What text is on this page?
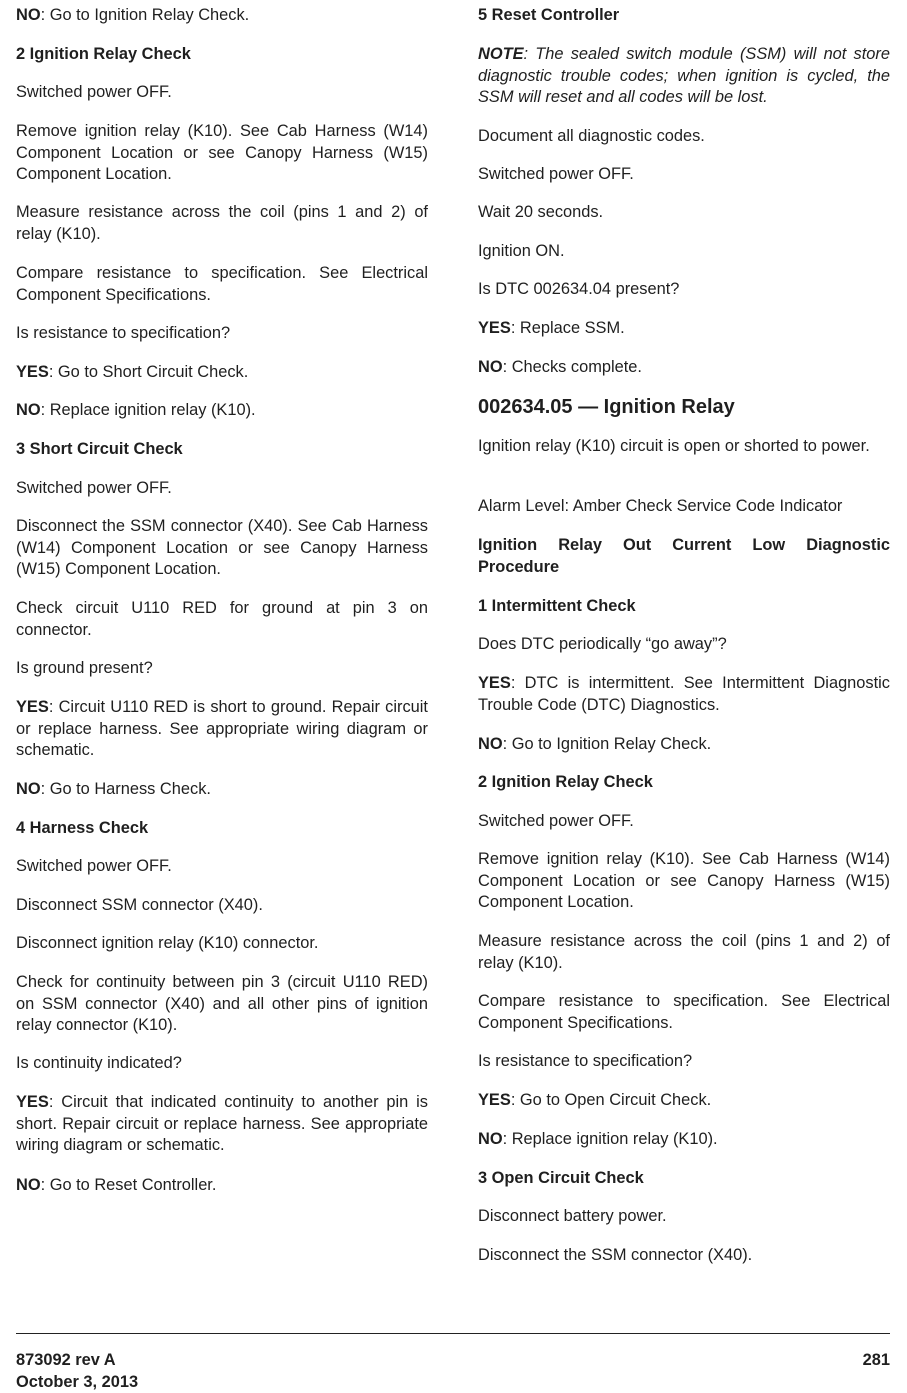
NO: Go to Ignition Relay Check.

2 Ignition Relay Check

Switched power OFF.

Remove ignition relay (K10). See Cab Harness (W14) Component Location or see Canopy Harness (W15) Component Location.

Measure resistance across the coil (pins 1 and 2) of relay (K10).

Compare resistance to specification. See Electrical Component Specifications.

Is resistance to specification?

YES: Go to Short Circuit Check.

NO: Replace ignition relay (K10).

3 Short Circuit Check

Switched power OFF.

Disconnect the SSM connector (X40). See Cab Harness (W14) Component Location or see Canopy Harness (W15) Component Location.

Check circuit U110 RED for ground at pin 3 on connector.

Is ground present?

YES: Circuit U110 RED is short to ground. Repair circuit or replace harness. See appropriate wiring diagram or schematic.

NO: Go to Harness Check.

4 Harness Check

Switched power OFF.

Disconnect SSM connector (X40).

Disconnect ignition relay (K10) connector.

Check for continuity between pin 3 (circuit U110 RED) on SSM connector (X40) and all other pins of ignition relay connector (K10).

Is continuity indicated?

YES: Circuit that indicated continuity to another pin is short. Repair circuit or replace harness. See appropriate wiring diagram or schematic.

NO: Go to Reset Controller.

5 Reset Controller

NOTE: The sealed switch module (SSM) will not store diagnostic trouble codes; when ignition is cycled, the SSM will reset and all codes will be lost.

Document all diagnostic codes.

Switched power OFF.

Wait 20 seconds.

Ignition ON.

Is DTC 002634.04 present?

YES: Replace SSM.

NO: Checks complete.

002634.05 — Ignition Relay

Ignition relay (K10) circuit is open or shorted to power.

Alarm Level: Amber Check Service Code Indicator

Ignition Relay Out Current Low Diagnostic Procedure

1 Intermittent Check

Does DTC periodically “go away”?

YES: DTC is intermittent. See Intermittent Diagnostic Trouble Code (DTC) Diagnostics.

NO: Go to Ignition Relay Check.

2 Ignition Relay Check

Switched power OFF.

Remove ignition relay (K10). See Cab Harness (W14) Component Location or see Canopy Harness (W15) Component Location.

Measure resistance across the coil (pins 1 and 2) of relay (K10).

Compare resistance to specification. See Electrical Component Specifications.

Is resistance to specification?

YES: Go to Open Circuit Check.

NO: Replace ignition relay (K10).

3 Open Circuit Check

Disconnect battery power.

Disconnect the SSM connector (X40).

873092 rev A	281
October 3, 2013
